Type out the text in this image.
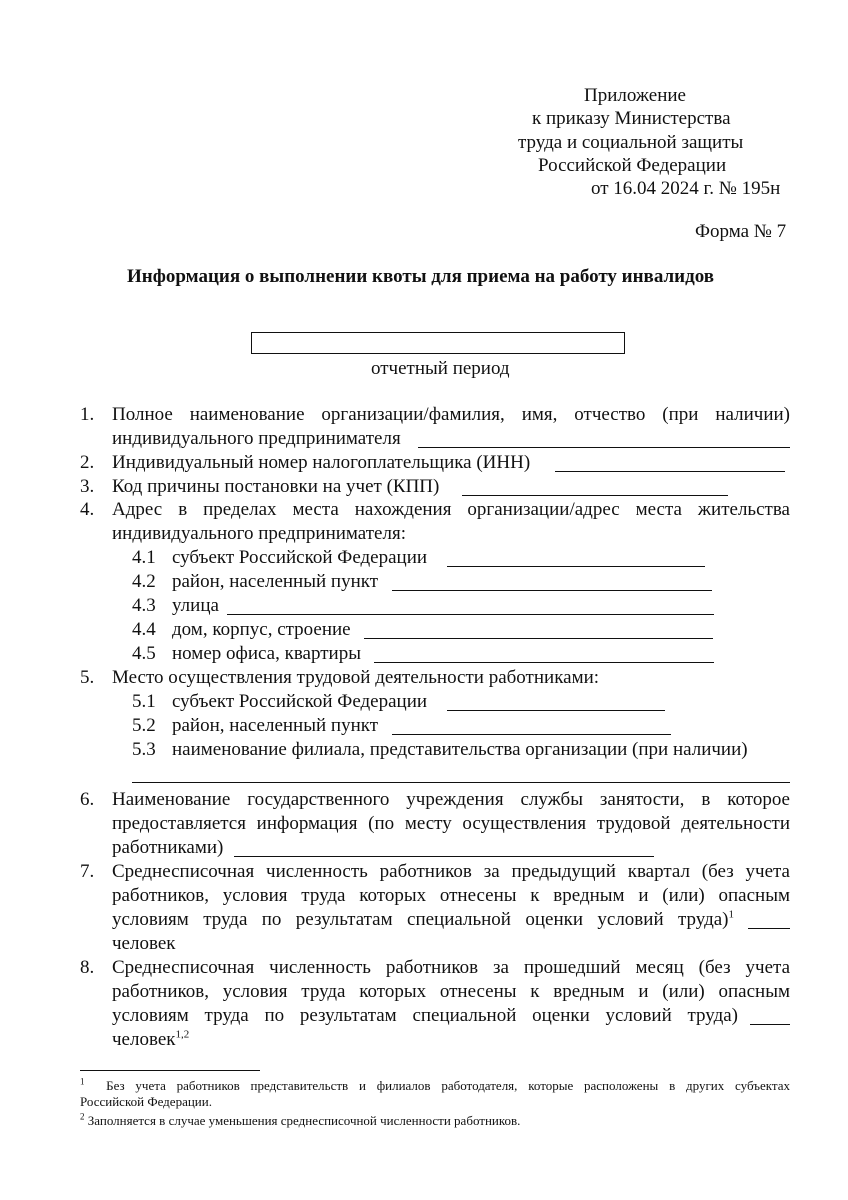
Приложение
к приказу Министерства
труда и социальной защиты
Российской Федерации
от 16.04 2024 г. № 195н
Форма № 7
Информация о выполнении квоты для приема на работу инвалидов
отчетный период
1. Полное наименование организации/фамилия, имя, отчество (при наличии)
индивидуального предпринимателя
2. Индивидуальный номер налогоплательщика (ИНН)
3. Код причины постановки на учет (КПП)
4. Адрес в пределах места нахождения организации/адрес места жительства
индивидуального предпринимателя:
4.1 субъект Российской Федерации
4.2 район, населенный пункт
4.3 улица
4.4 дом, корпус, строение
4.5 номер офиса, квартиры
5. Место осуществления трудовой деятельности работниками:
5.1 субъект Российской Федерации
5.2 район, населенный пункт
5.3 наименование филиала, представительства организации (при наличии)
6. Наименование государственного учреждения службы занятости, в которое
предоставляется информация (по месту осуществления трудовой деятельности
работниками)
7. Среднесписочная численность работников за предыдущий квартал (без учета
работников, условия труда которых отнесены к вредным и (или) опасным
условиям труда по результатам специальной оценки условий труда)$^1$
человек
8. Среднесписочная численность работников за прошедший месяц (без учета
работников, условия труда которых отнесены к вредным и (или) опасным
условиям труда по результатам специальной оценки условий труда)
человек$^{1,2}$
$^1$ Без учета работников представительств и филиалов работодателя, которые расположены в других субъектах
Российской Федерации.
$^2$ Заполняется в случае уменьшения среднесписочной численности работников.
